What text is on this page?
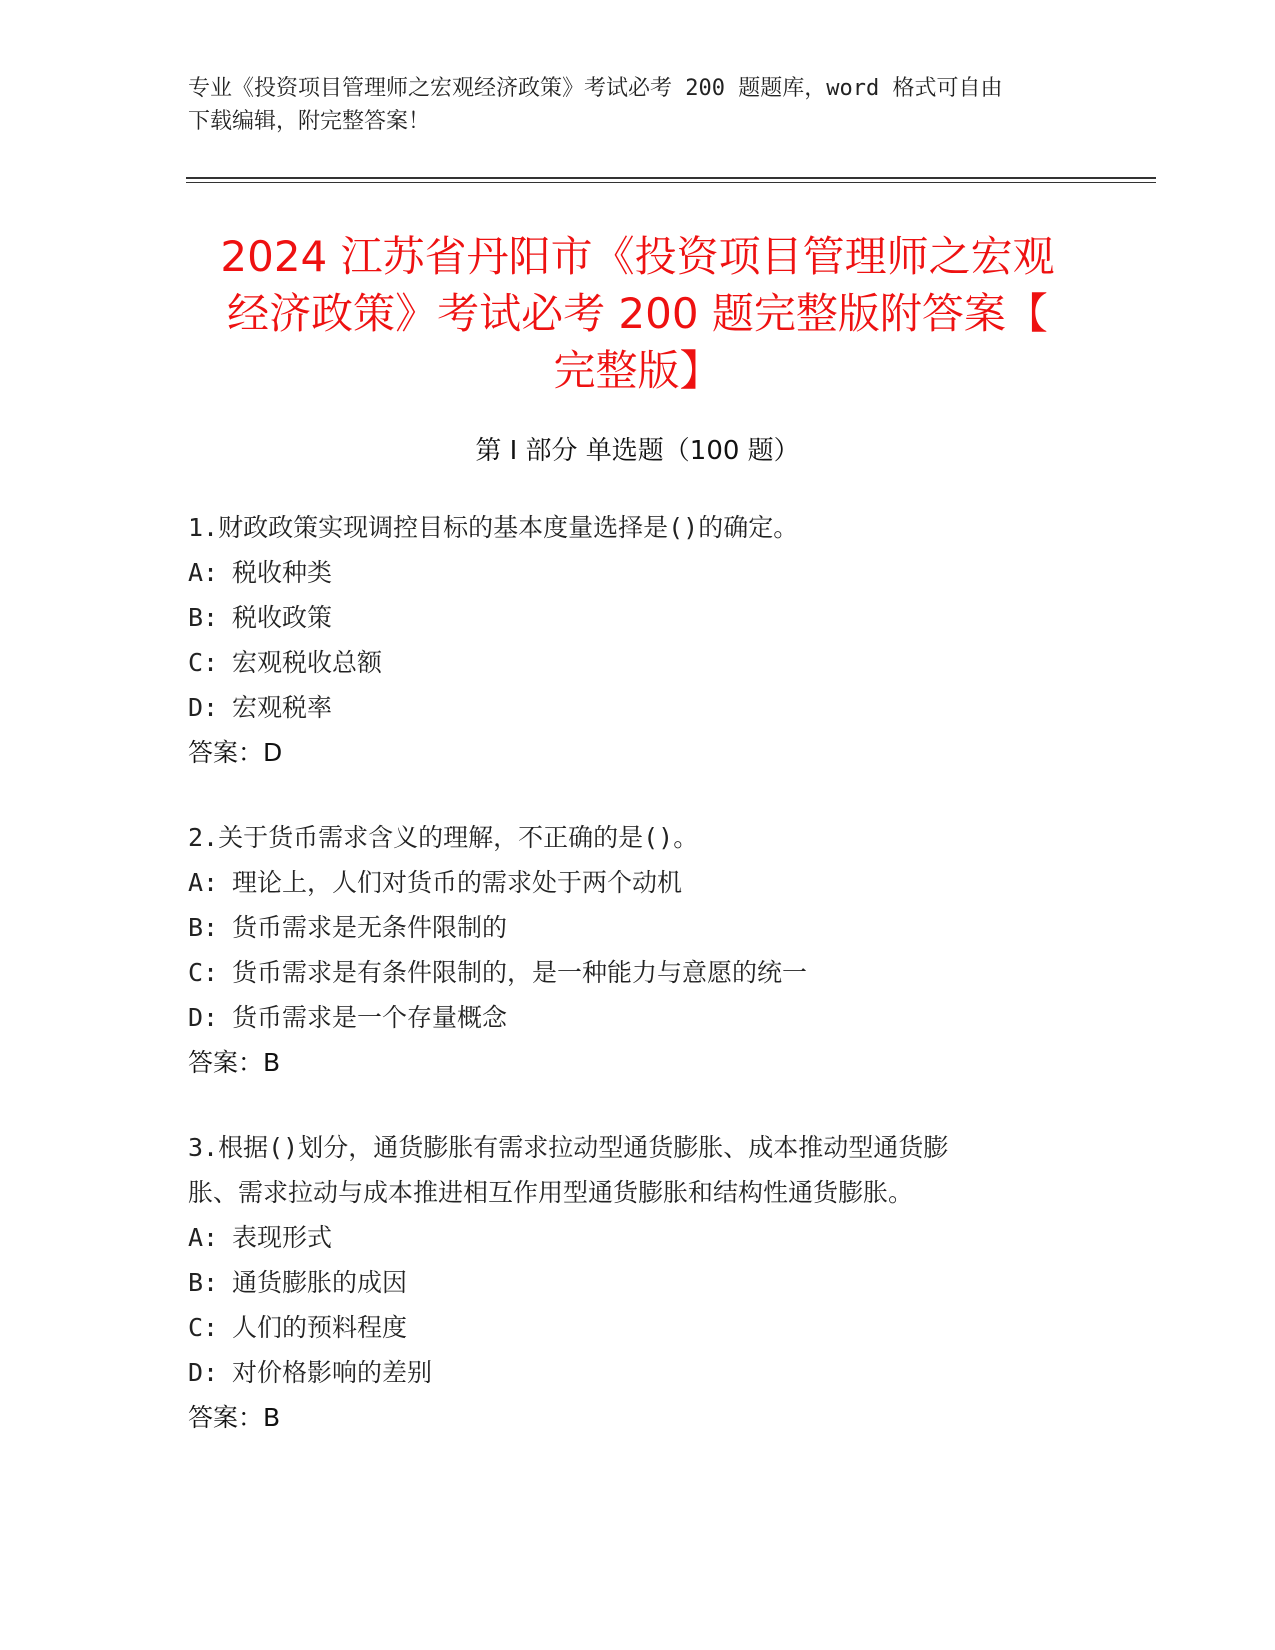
专业《投资项目管理师之宏观经济政策》考试必考 200 题题库，word 格式可自由
下载编辑，附完整答案！
2024 江苏省丹阳市《投资项目管理师之宏观
经济政策》考试必考 200 题完整版附答案【
完整版】
第 I 部分 单选题（100 题）

1.财政政策实现调控目标的基本度量选择是()的确定。

A: 税收种类

B: 税收政策

C: 宏观税收总额

D: 宏观税率

答案：D

2.关于货币需求含义的理解，不正确的是()。

A: 理论上，人们对货币的需求处于两个动机

B: 货币需求是无条件限制的

C: 货币需求是有条件限制的，是一种能力与意愿的统一

D: 货币需求是一个存量概念

答案：B

3.根据()划分，通货膨胀有需求拉动型通货膨胀、成本推动型通货膨

胀、需求拉动与成本推进相互作用型通货膨胀和结构性通货膨胀。

A: 表现形式

B: 通货膨胀的成因

C: 人们的预料程度

D: 对价格影响的差别

答案：B
